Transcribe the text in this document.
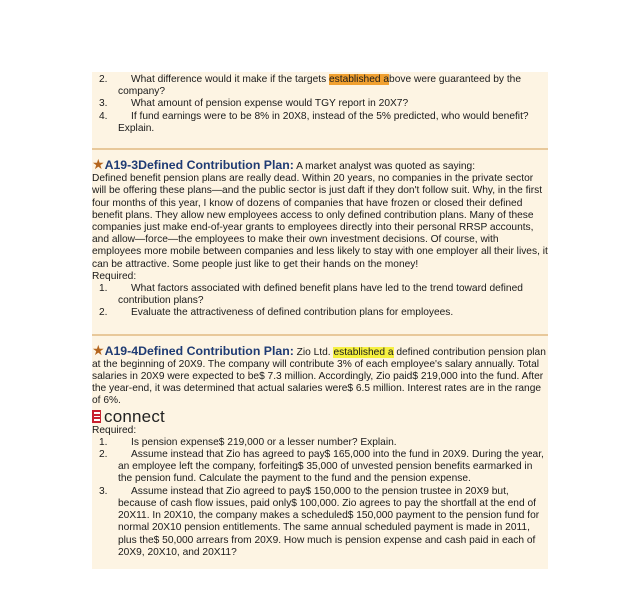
2.	What difference would it make if the targets established above were guaranteed by the company?
3.	What amount of pension expense would TGY report in 20X7?
4.	If fund earnings were to be 8% in 20X8, instead of the 5% predicted, who would benefit? Explain.
★A19-3Defined Contribution Plan: A market analyst was quoted as saying:
Defined benefit pension plans are really dead. Within 20 years, no companies in the private sector will be offering these plans—and the public sector is just daft if they don't follow suit. Why, in the first four months of this year, I know of dozens of companies that have frozen or closed their defined benefit plans. They allow new employees access to only defined contribution plans. Many of these companies just make end-of-year grants to employees directly into their personal RRSP accounts, and allow—force—the employees to make their own investment decisions. Of course, with employees more mobile between companies and less likely to stay with one employer all their lives, it can be attractive. Some people just like to get their hands on the money!
Required:
1.	What factors associated with defined benefit plans have led to the trend toward defined contribution plans?
2.	Evaluate the attractiveness of defined contribution plans for employees.
★A19-4Defined Contribution Plan: Zio Ltd. established a defined contribution pension plan at the beginning of 20X9. The company will contribute 3% of each employee's salary annually. Total salaries in 20X9 were expected to be$ 7.3 million. Accordingly, Zio paid$ 219,000 into the fund. After the year-end, it was determined that actual salaries were$ 6.5 million. Interest rates are in the range of 6%.
connect
Required:
1.	Is pension expense$ 219,000 or a lesser number? Explain.
2.	Assume instead that Zio has agreed to pay$ 165,000 into the fund in 20X9. During the year, an employee left the company, forfeiting$ 35,000 of unvested pension benefits earmarked in the pension fund. Calculate the payment to the fund and the pension expense.
3.	Assume instead that Zio agreed to pay$ 150,000 to the pension trustee in 20X9 but, because of cash flow issues, paid only$ 100,000. Zio agrees to pay the shortfall at the end of 20X11. In 20X10, the company makes a scheduled$ 150,000 payment to the pension fund for normal 20X10 pension entitlements. The same annual scheduled payment is made in 2011, plus the$ 50,000 arrears from 20X9. How much is pension expense and cash paid in each of 20X9, 20X10, and 20X11?
